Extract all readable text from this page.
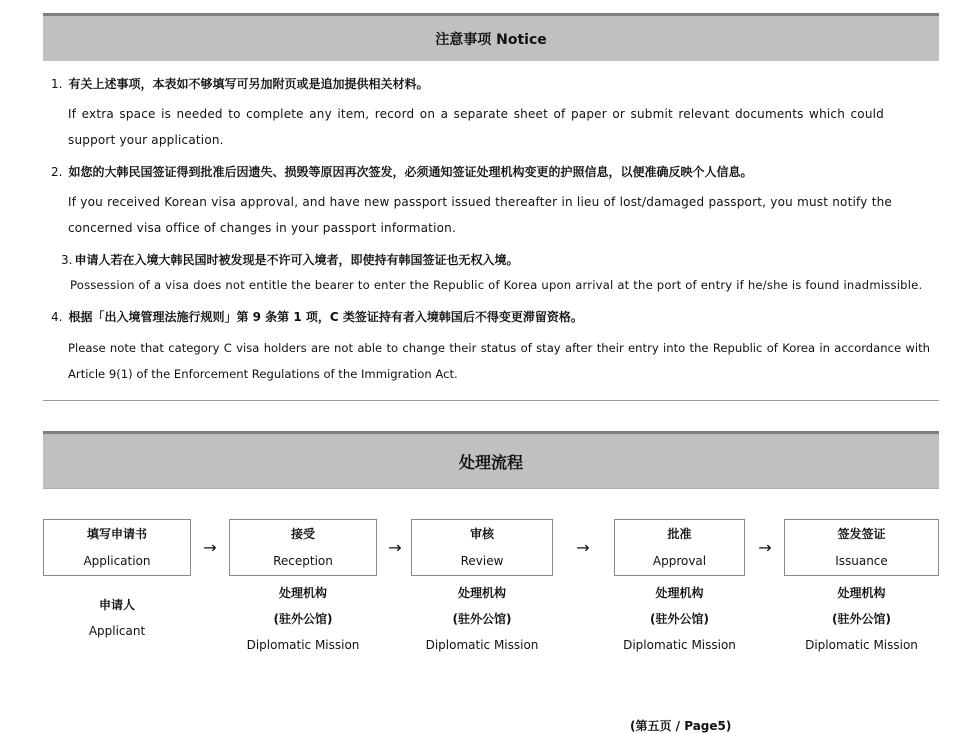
注意事项 Notice
1. 有关上述事项，本表如不够填写可另加附页或是追加提供相关材料。
If extra space is needed to complete any item, record on a separate sheet of paper or submit relevant documents which could support your application.
2. 如您的大韩民国签证得到批准后因遗失、损毁等原因再次签发，必须通知签证处理机构变更的护照信息，以便准确反映个人信息。
If you received Korean visa approval, and have new passport issued thereafter in lieu of lost/damaged passport, you must notify the concerned visa office of changes in your passport information.
3. 申请人若在入境大韩民国时被发现是不许可入境者，即使持有韩国签证也无权入境。
Possession of a visa does not entitle the bearer to enter the Republic of Korea upon arrival at the port of entry if he/she is found inadmissible.
4. 根据「出入境管理法施行规则」第 9 条第 1 项，C 类签证持有者入境韩国后不得变更滞留资格。
Please note that category C visa holders are not able to change their status of stay after their entry into the Republic of Korea in accordance with Article 9(1) of the Enforcement Regulations of the Immigration Act.
处理流程
填写申请书
Application
→
接受
Reception
→
审核
Review
→
批准
Approval
→
签发签证
Issuance
申请人
Applicant
处理机构
(驻外公馆)
Diplomatic Mission
处理机构
(驻外公馆)
Diplomatic Mission
处理机构
(驻外公馆)
Diplomatic Mission
处理机构
(驻外公馆)
Diplomatic Mission
(第五页 / Page5)
